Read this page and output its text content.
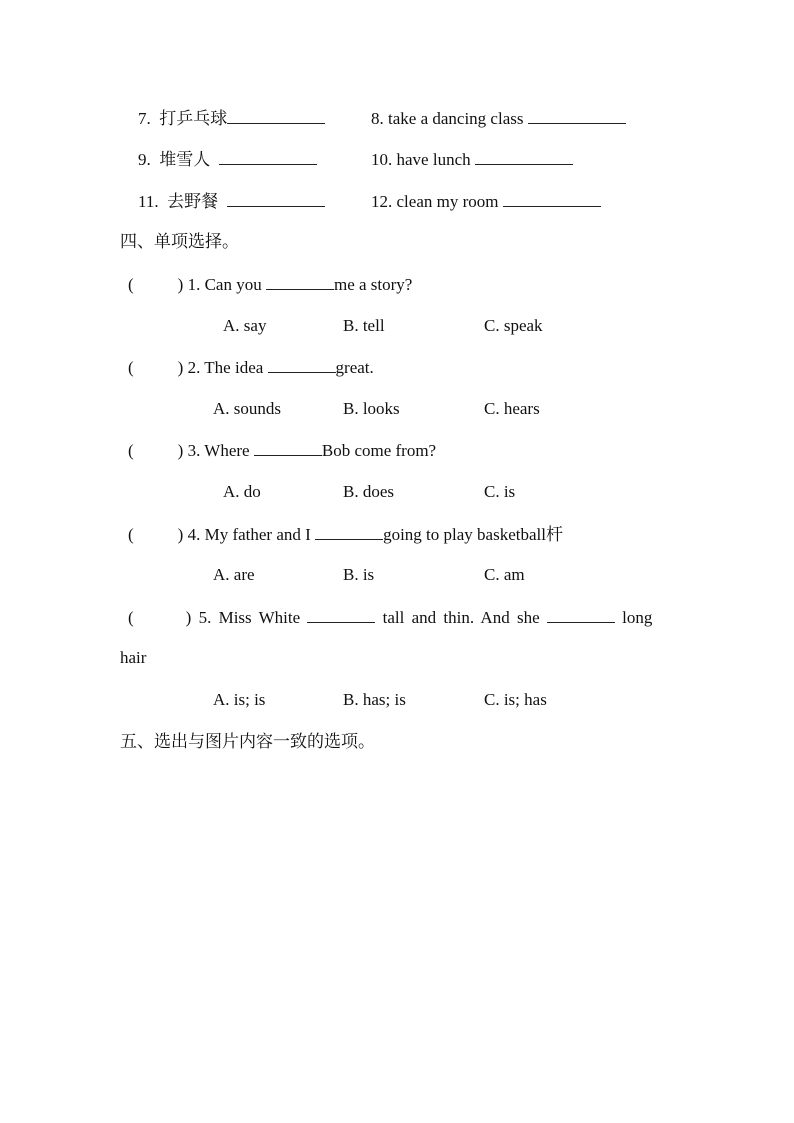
7. 打乒乓球	8. take a dancing class
9. 堆雪人	10. have lunch
11. 去野餐	12. clean my room
四、单项选择。
(	) 1. Can you	me a story?
A. say	B. tell	C. speak
(	) 2. The idea	great.
A. sounds	B. looks	C. hears
(	) 3. Where	Bob come from?
A. do	B. does	C. is
(	) 4. My father and I	going to play basketball杆
A. are	B. is	C. am
(	) 5. Miss White	tall and thin. And she	long
hair
A. is; is	B. has; is	C. is; has
五、选出与图片内容一致的选项。
